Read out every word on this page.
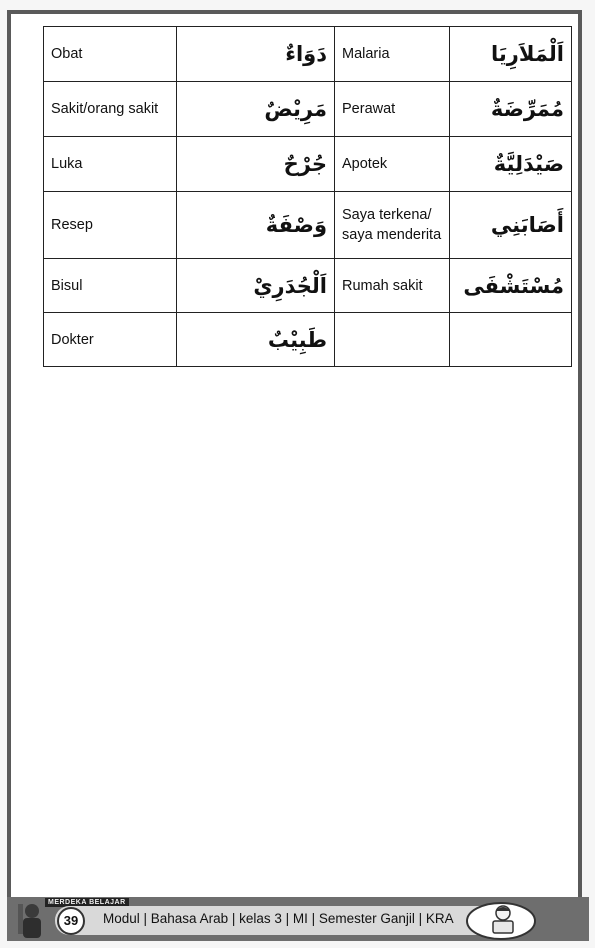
Obat	دَوَاءٌ	Malaria	اَلْمَلاَرِيَا
Sakit/orang sakit	مَرِيْضٌ	Perawat	مُمَرِّضَةٌ
Luka	جُرْحٌ	Apotek	صَيْدَلِيَّةٌ
Resep	وَصْفَةٌ	Saya terkena/ saya menderita	أَصَابَنِي
Bisul	اَلْجُدَرِيْ	Rumah sakit	مُسْتَشْفَى
Dokter	طَبِيْبٌ		
MERDEKA BELAJAR
39	Modul | Bahasa Arab | kelas 3 | MI | Semester Ganjil | KRA
